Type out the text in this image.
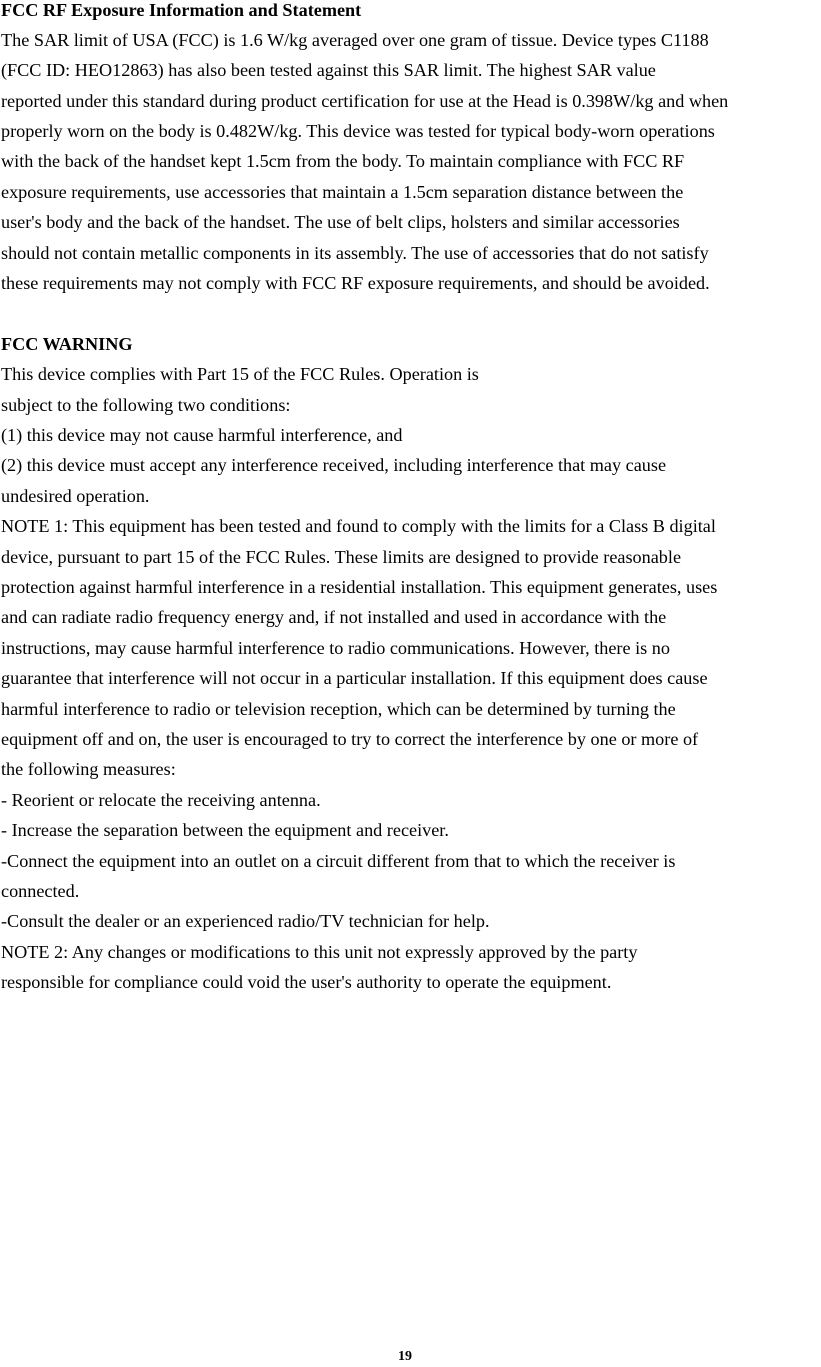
FCC RF Exposure Information and Statement
The SAR limit of USA (FCC) is 1.6 W/kg averaged over one gram of tissue. Device types C1188
(FCC ID: HEO12863) has also been tested against this SAR limit. The highest SAR value
reported under this standard during product certification for use at the Head is 0.398W/kg and when
properly worn on the body is 0.482W/kg. This device was tested for typical body-worn operations
with the back of the handset kept 1.5cm from the body. To maintain compliance with FCC RF
exposure requirements, use accessories that maintain a 1.5cm separation distance between the
user's body and the back of the handset. The use of belt clips, holsters and similar accessories
should not contain metallic components in its assembly. The use of accessories that do not satisfy
these requirements may not comply with FCC RF exposure requirements, and should be avoided.
FCC WARNING
This device complies with Part 15 of the FCC Rules. Operation is
subject to the following two conditions:
(1) this device may not cause harmful interference, and
(2) this device must accept any interference received, including interference that may cause
undesired operation.
NOTE 1: This equipment has been tested and found to comply with the limits for a Class B digital
device, pursuant to part 15 of the FCC Rules. These limits are designed to provide reasonable
protection against harmful interference in a residential installation. This equipment generates, uses
and can radiate radio frequency energy and, if not installed and used in accordance with the
instructions, may cause harmful interference to radio communications. However, there is no
guarantee that interference will not occur in a particular installation. If this equipment does cause
harmful interference to radio or television reception, which can be determined by turning the
equipment off and on, the user is encouraged to try to correct the interference by one or more of
the following measures:
- Reorient or relocate the receiving antenna.
- Increase the separation between the equipment and receiver.
-Connect the equipment into an outlet on a circuit different from that to which the receiver is
connected.
-Consult the dealer or an experienced radio/TV technician for help.
NOTE 2: Any changes or modifications to this unit not expressly approved by the party
responsible for compliance could void the user's authority to operate the equipment.
19
